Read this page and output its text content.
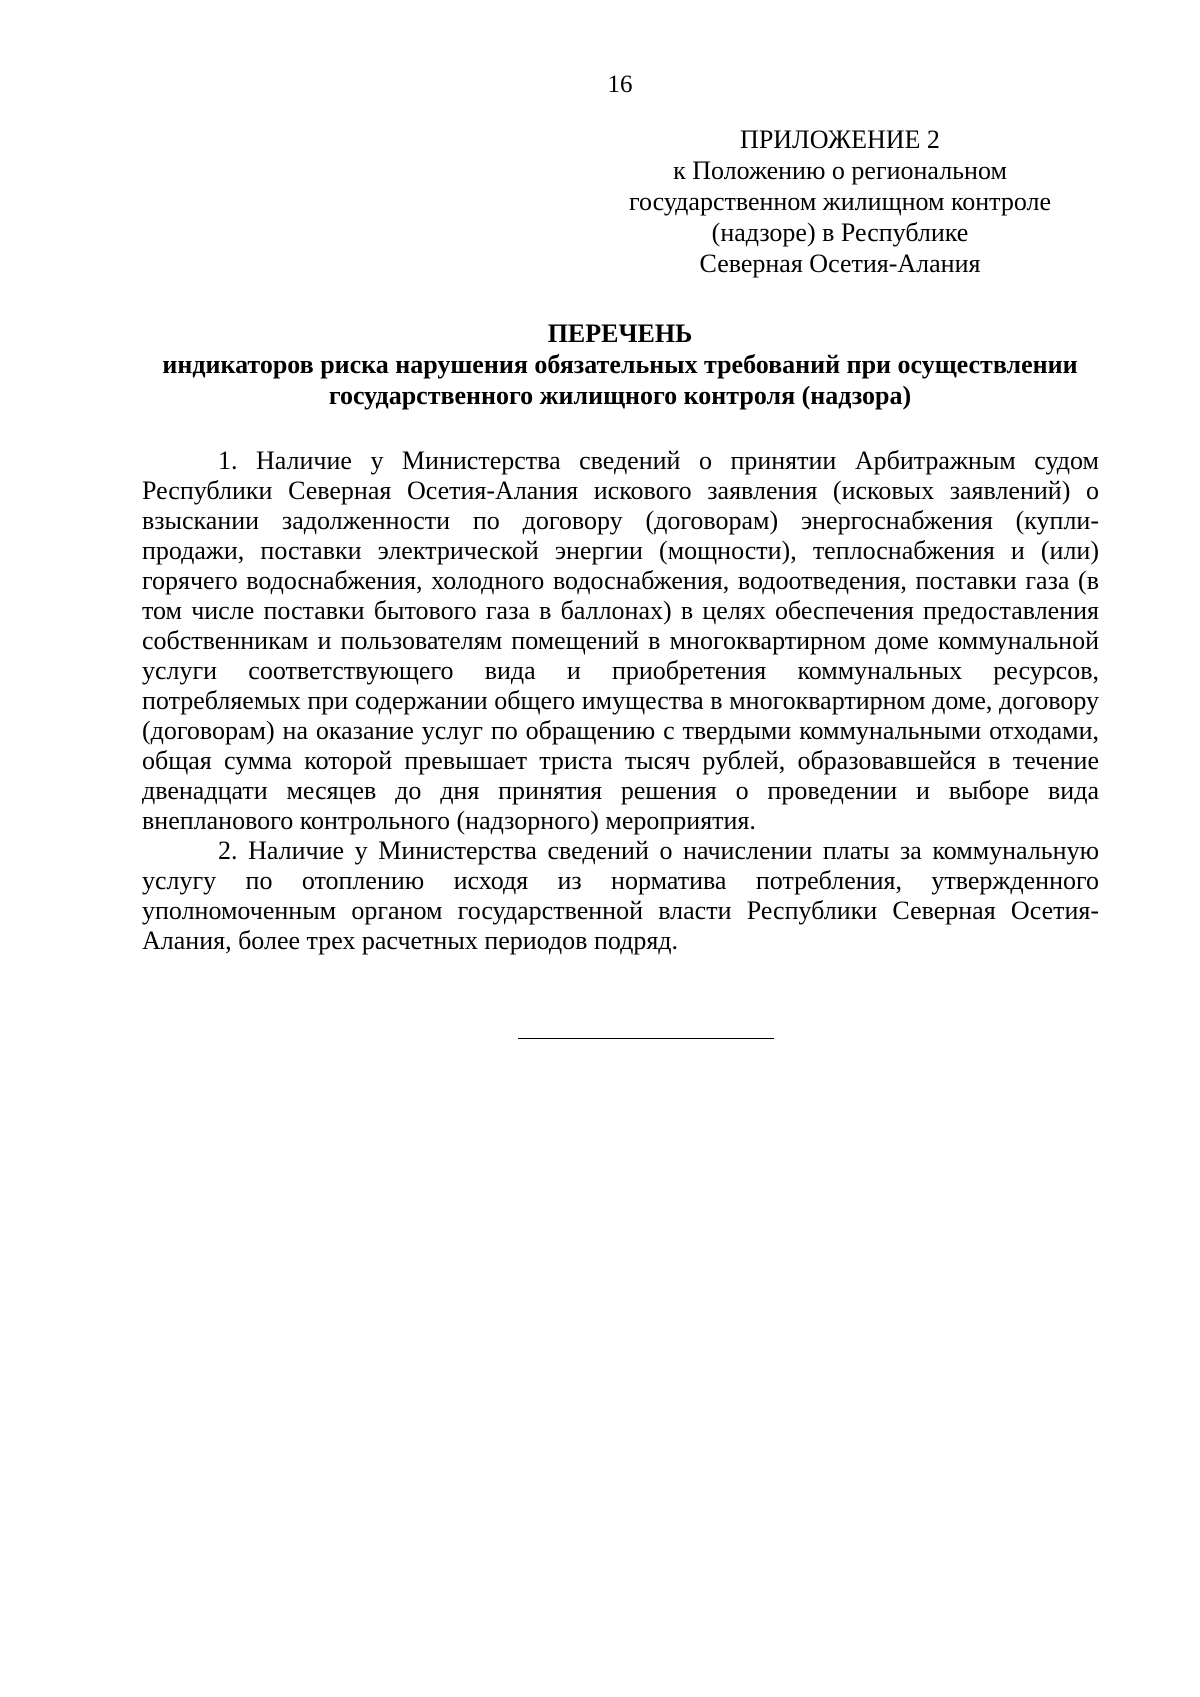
16
ПРИЛОЖЕНИЕ 2
к Положению о региональном
государственном жилищном контроле
(надзоре) в Республике
Северная Осетия-Алания
ПЕРЕЧЕНЬ
индикаторов риска нарушения обязательных требований при осуществлении
государственного жилищного контроля (надзора)

1. Наличие у Министерства сведений о принятии Арбитражным судом Республики Северная Осетия-Алания искового заявления (исковых заявлений) о взыскании задолженности по договору (договорам) энергоснабжения (купли-продажи, поставки электрической энергии (мощности), теплоснабжения и (или) горячего водоснабжения, холодного водоснабжения, водоотведения, поставки газа (в том числе поставки бытового газа в баллонах) в целях обеспечения предоставления собственникам и пользователям помещений в многоквартирном доме коммунальной услуги соответствующего вида и приобретения коммунальных ресурсов, потребляемых при содержании общего имущества в многоквартирном доме, договору (договорам) на оказание услуг по обращению с твердыми коммунальными отходами, общая сумма которой превышает триста тысяч рублей, образовавшейся в течение двенадцати месяцев до дня принятия решения о проведении и выборе вида внепланового контрольного (надзорного) мероприятия.

2. Наличие у Министерства сведений о начислении платы за коммунальную услугу по отоплению исходя из норматива потребления, утвержденного уполномоченным органом государственной власти Республики Северная Осетия-Алания, более трех расчетных периодов подряд.
